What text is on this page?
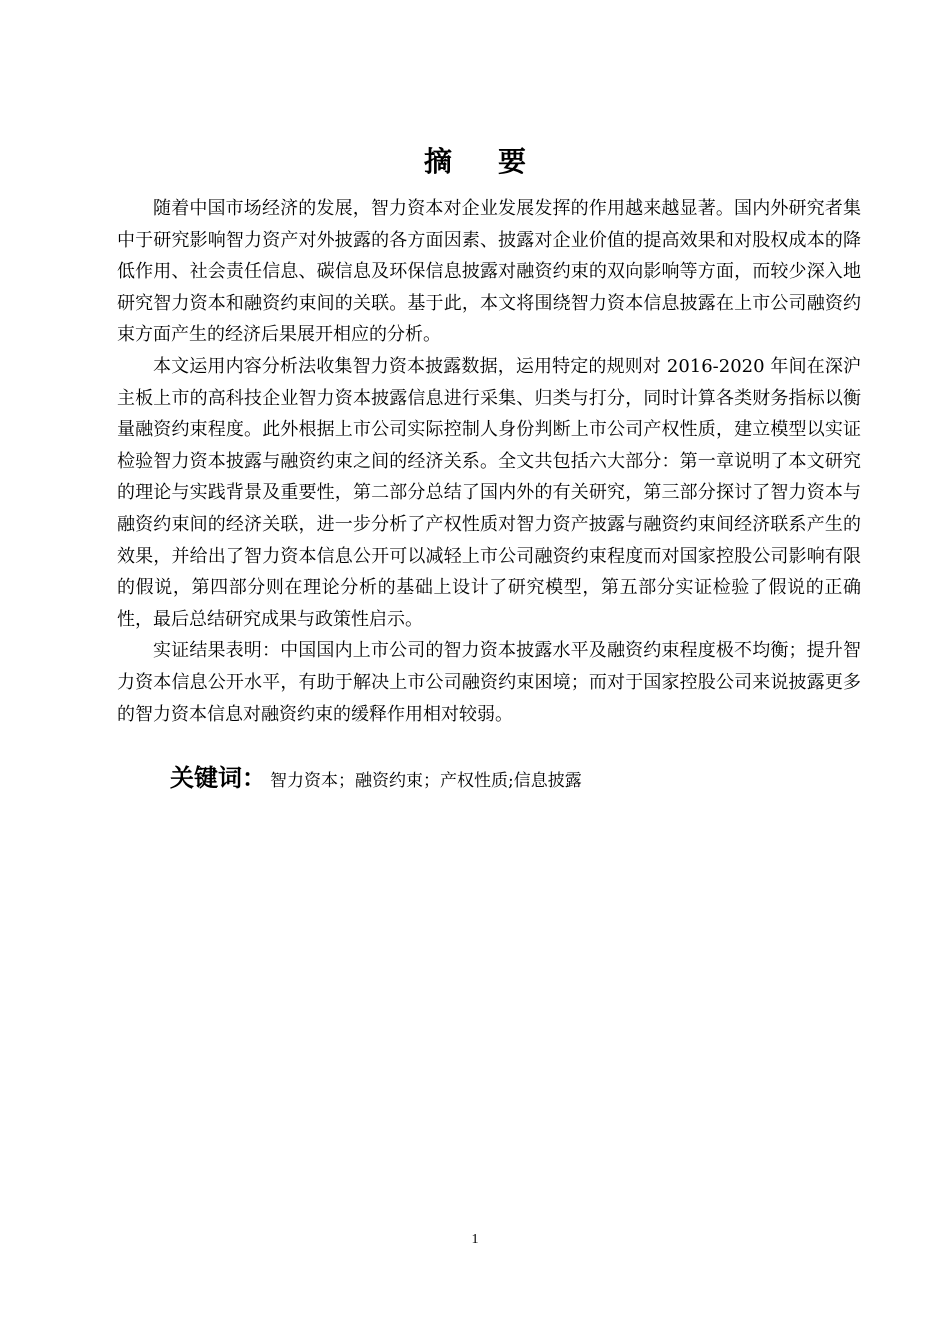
摘要

随着中国市场经济的发展，智力资本对企业发展发挥的作用越来越显著。国内外研究者集中于研究影响智力资产对外披露的各方面因素、披露对企业价值的提高效果和对股权成本的降低作用、社会责任信息、碳信息及环保信息披露对融资约束的双向影响等方面，而较少深入地研究智力资本和融资约束间的关联。基于此，本文将围绕智力资本信息披露在上市公司融资约束方面产生的经济后果展开相应的分析。

本文运用内容分析法收集智力资本披露数据，运用特定的规则对 2016-2020 年间在深沪主板上市的高科技企业智力资本披露信息进行采集、归类与打分，同时计算各类财务指标以衡量融资约束程度。此外根据上市公司实际控制人身份判断上市公司产权性质，建立模型以实证检验智力资本披露与融资约束之间的经济关系。全文共包括六大部分：第一章说明了本文研究的理论与实践背景及重要性，第二部分总结了国内外的有关研究，第三部分探讨了智力资本与融资约束间的经济关联，进一步分析了产权性质对智力资产披露与融资约束间经济联系产生的效果，并给出了智力资本信息公开可以减轻上市公司融资约束程度而对国家控股公司影响有限的假说，第四部分则在理论分析的基础上设计了研究模型，第五部分实证检验了假说的正确性，最后总结研究成果与政策性启示。

实证结果表明：中国国内上市公司的智力资本披露水平及融资约束程度极不均衡；提升智力资本信息公开水平，有助于解决上市公司融资约束困境；而对于国家控股公司来说披露更多的智力资本信息对融资约束的缓释作用相对较弱。

关键词： 智力资本；融资约束；产权性质;信息披露
1
